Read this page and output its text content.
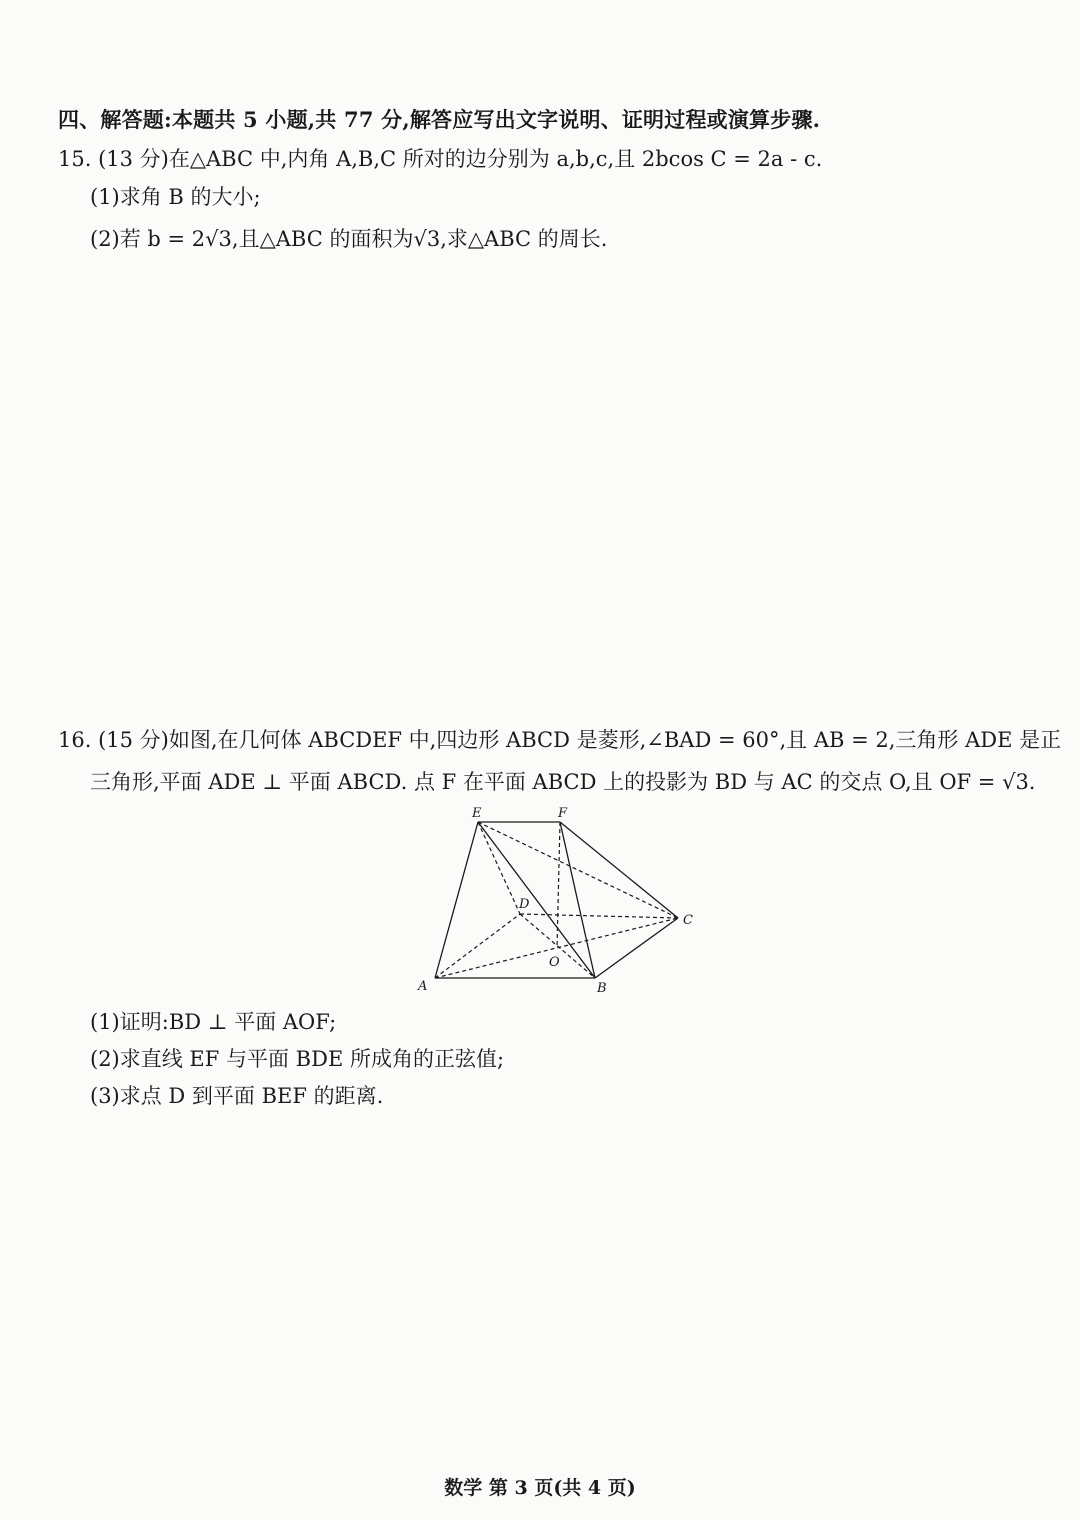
四、解答题:本题共 5 小题,共 77 分,解答应写出文字说明、证明过程或演算步骤.
15. (13 分)在△ABC 中,内角 A,B,C 所对的边分别为 a,b,c,且 2bcos C = 2a - c.
(1)求角 B 的大小;
(2)若 b = 2√3,且△ABC 的面积为√3,求△ABC 的周长.
16. (15 分)如图,在几何体 ABCDEF 中,四边形 ABCD 是菱形,∠BAD = 60°,且 AB = 2,三角形 ADE 是正
三角形,平面 ADE ⊥ 平面 ABCD. 点 F 在平面 ABCD 上的投影为 BD 与 AC 的交点 O,且 OF = √3.
E	F
D
C
O
A	B
(1)证明:BD ⊥ 平面 AOF;
(2)求直线 EF 与平面 BDE 所成角的正弦值;
(3)求点 D 到平面 BEF 的距离.
数学 第 3 页(共 4 页)
